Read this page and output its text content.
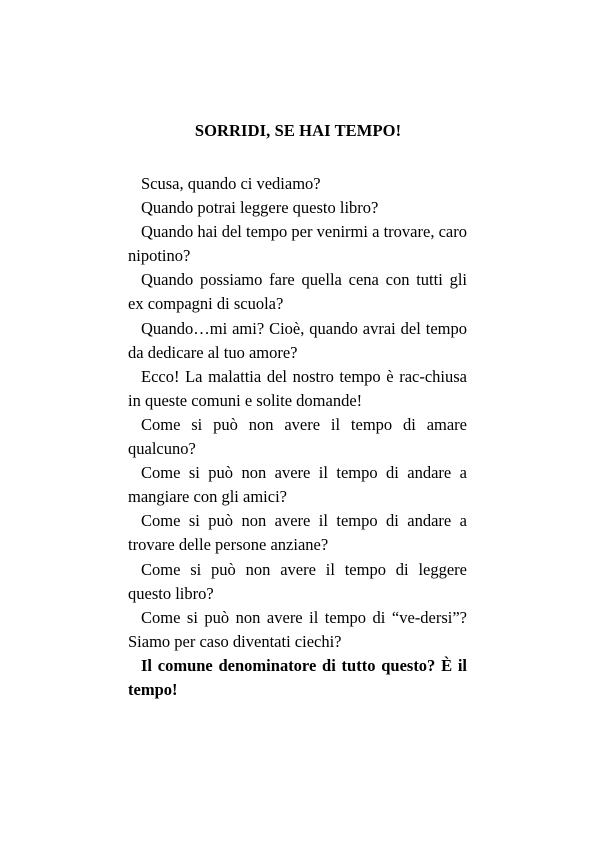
SORRIDI, SE HAI TEMPO!

Scusa, quando ci vediamo?

Quando potrai leggere questo libro?

Quando hai del tempo per venirmi a trovare, caro nipotino?

Quando possiamo fare quella cena con tutti gli ex compagni di scuola?

Quando…mi ami? Cioè, quando avrai del tempo da dedicare al tuo amore?

Ecco! La malattia del nostro tempo è rac-chiusa in queste comuni e solite domande!

Come si può non avere il tempo di amare qualcuno?

Come si può non avere il tempo di andare a mangiare con gli amici?

Come si può non avere il tempo di andare a trovare delle persone anziane?

Come si può non avere il tempo di leggere questo libro?

Come si può non avere il tempo di “ve-dersi”? Siamo per caso diventati ciechi?

Il comune denominatore di tutto questo? È il tempo!
